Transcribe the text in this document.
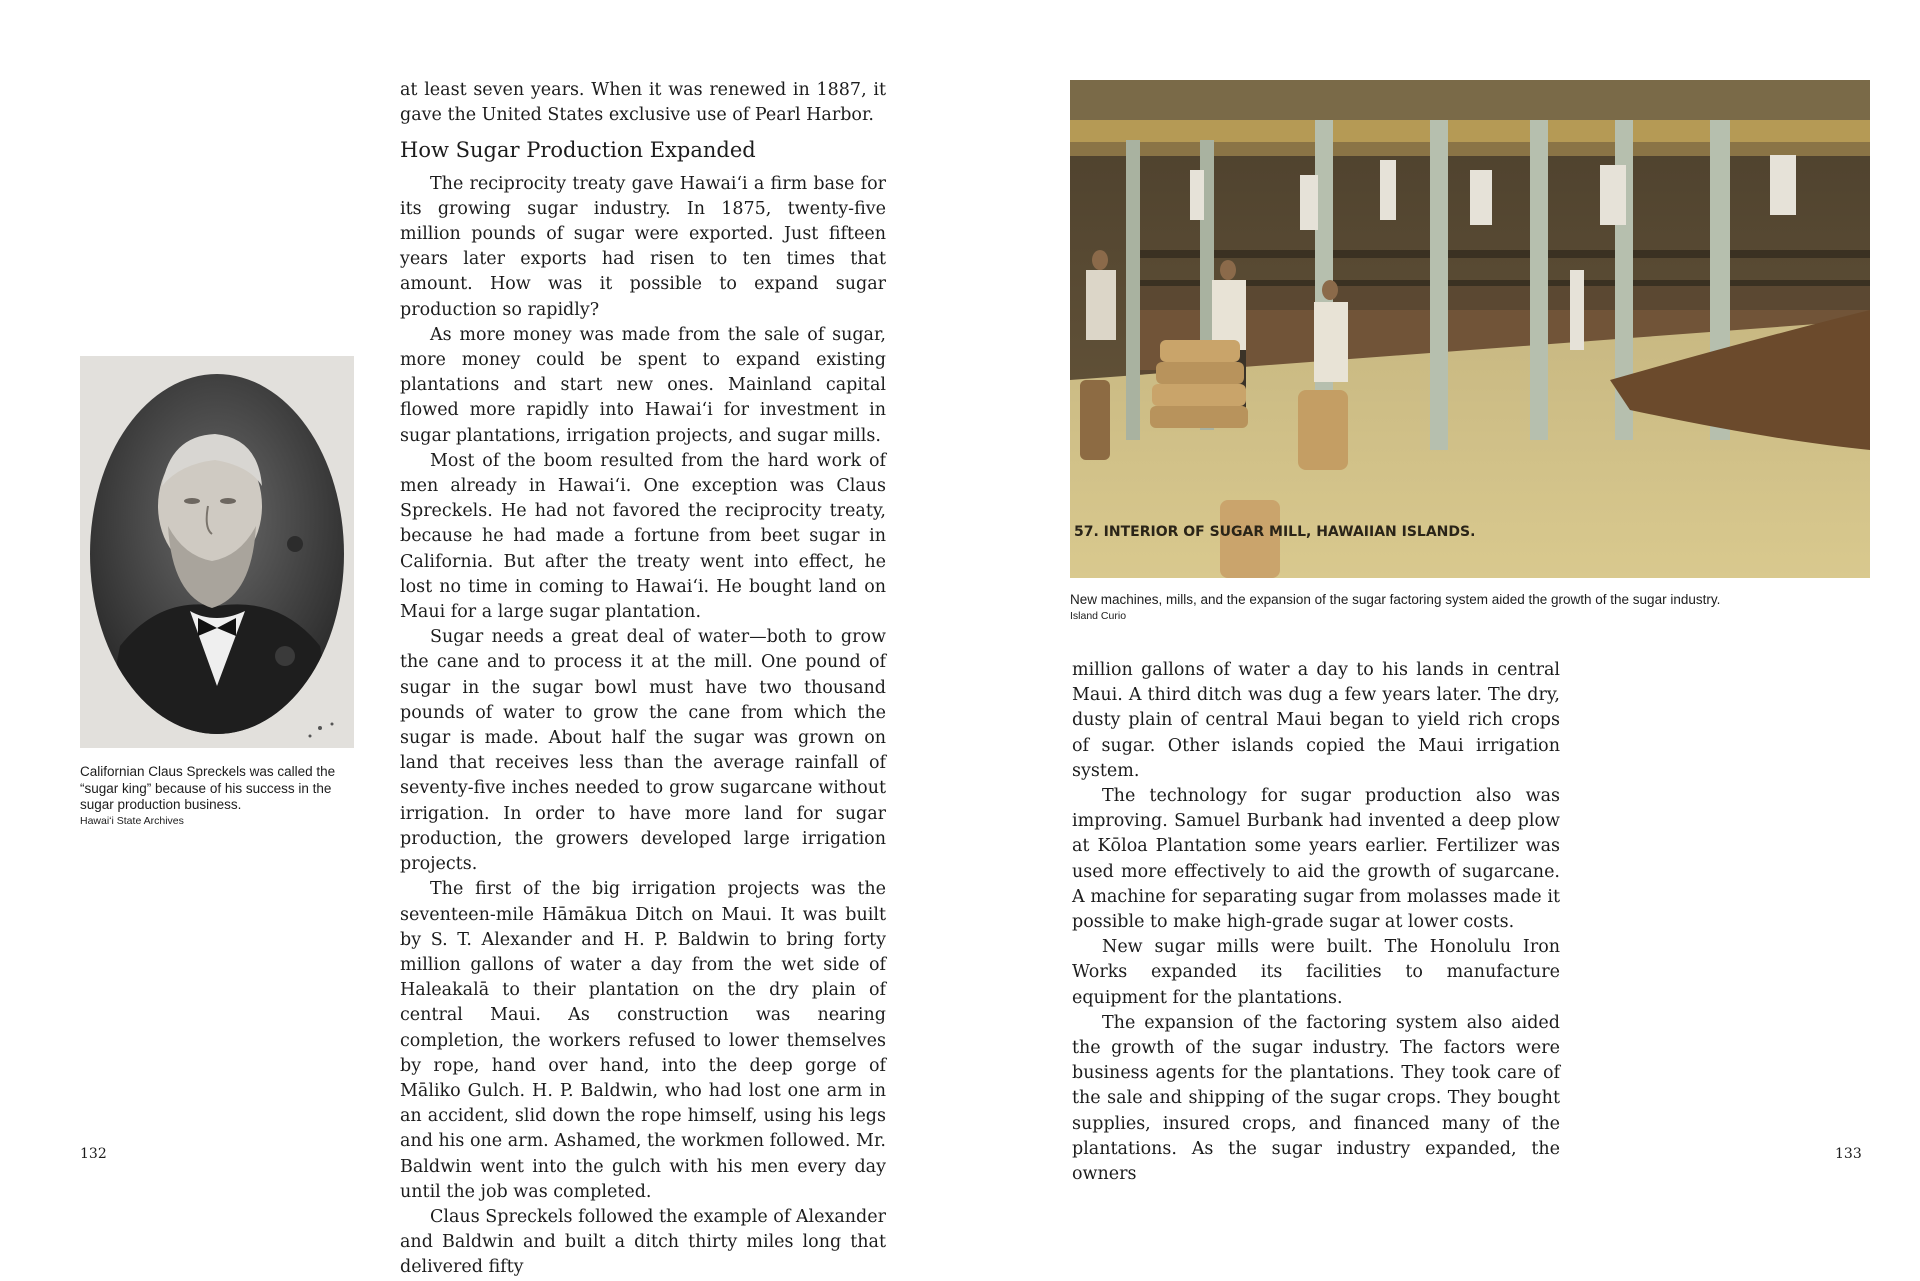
Californian Claus Spreckels was called the “sugar king” because of his success in the sugar production business.
Hawaiʻi State Archives

at least seven years. When it was renewed in 1887, it gave the United States exclusive use of Pearl Harbor.

How Sugar Production Expanded

The reciprocity treaty gave Hawaiʻi a firm base for its growing sugar industry. In 1875, twenty-five million pounds of sugar were exported. Just fifteen years later exports had risen to ten times that amount. How was it possible to expand sugar production so rapidly?

As more money was made from the sale of sugar, more money could be spent to expand existing plantations and start new ones. Mainland capital flowed more rapidly into Hawaiʻi for investment in sugar plantations, irrigation projects, and sugar mills.

Most of the boom resulted from the hard work of men already in Hawaiʻi. One exception was Claus Spreckels. He had not favored the reciprocity treaty, because he had made a fortune from beet sugar in California. But after the treaty went into effect, he lost no time in coming to Hawaiʻi. He bought land on Maui for a large sugar plantation.

Sugar needs a great deal of water—both to grow the cane and to process it at the mill. One pound of sugar in the sugar bowl must have two thousand pounds of water to grow the cane from which the sugar is made. About half the sugar was grown on land that receives less than the average rainfall of seventy-five inches needed to grow sugarcane without irrigation. In order to have more land for sugar production, the growers developed large irrigation projects.

The first of the big irrigation projects was the seventeen-mile Hāmākua Ditch on Maui. It was built by S. T. Alexander and H. P. Baldwin to bring forty million gallons of water a day from the wet side of Haleakalā to their plantation on the dry plain of central Maui. As construction was nearing completion, the workers refused to lower themselves by rope, hand over hand, into the deep gorge of Māliko Gulch. H. P. Baldwin, who had lost one arm in an accident, slid down the rope himself, using his legs and his one arm. Ashamed, the workmen followed. Mr. Baldwin went into the gulch with his men every day until the job was completed.

Claus Spreckels followed the example of Alexander and Baldwin and built a ditch thirty miles long that delivered fifty

132
57. INTERIOR OF SUGAR MILL, HAWAIIAN ISLANDS.
New machines, mills, and the expansion of the sugar factoring system aided the growth of the sugar industry.
Island Curio

million gallons of water a day to his lands in central Maui. A third ditch was dug a few years later. The dry, dusty plain of central Maui began to yield rich crops of sugar. Other islands copied the Maui irrigation system.

The technology for sugar production also was improving. Samuel Burbank had invented a deep plow at Kōloa Plantation some years earlier. Fertilizer was used more effectively to aid the growth of sugarcane. A machine for separating sugar from molasses made it possible to make high-grade sugar at lower costs.

New sugar mills were built. The Honolulu Iron Works expanded its facilities to manufacture equipment for the plantations.

The expansion of the factoring system also aided the growth of the sugar industry. The factors were business agents for the plantations. They took care of the sale and shipping of the sugar crops. They bought supplies, insured crops, and financed many of the plantations. As the sugar industry expanded, the owners

133
